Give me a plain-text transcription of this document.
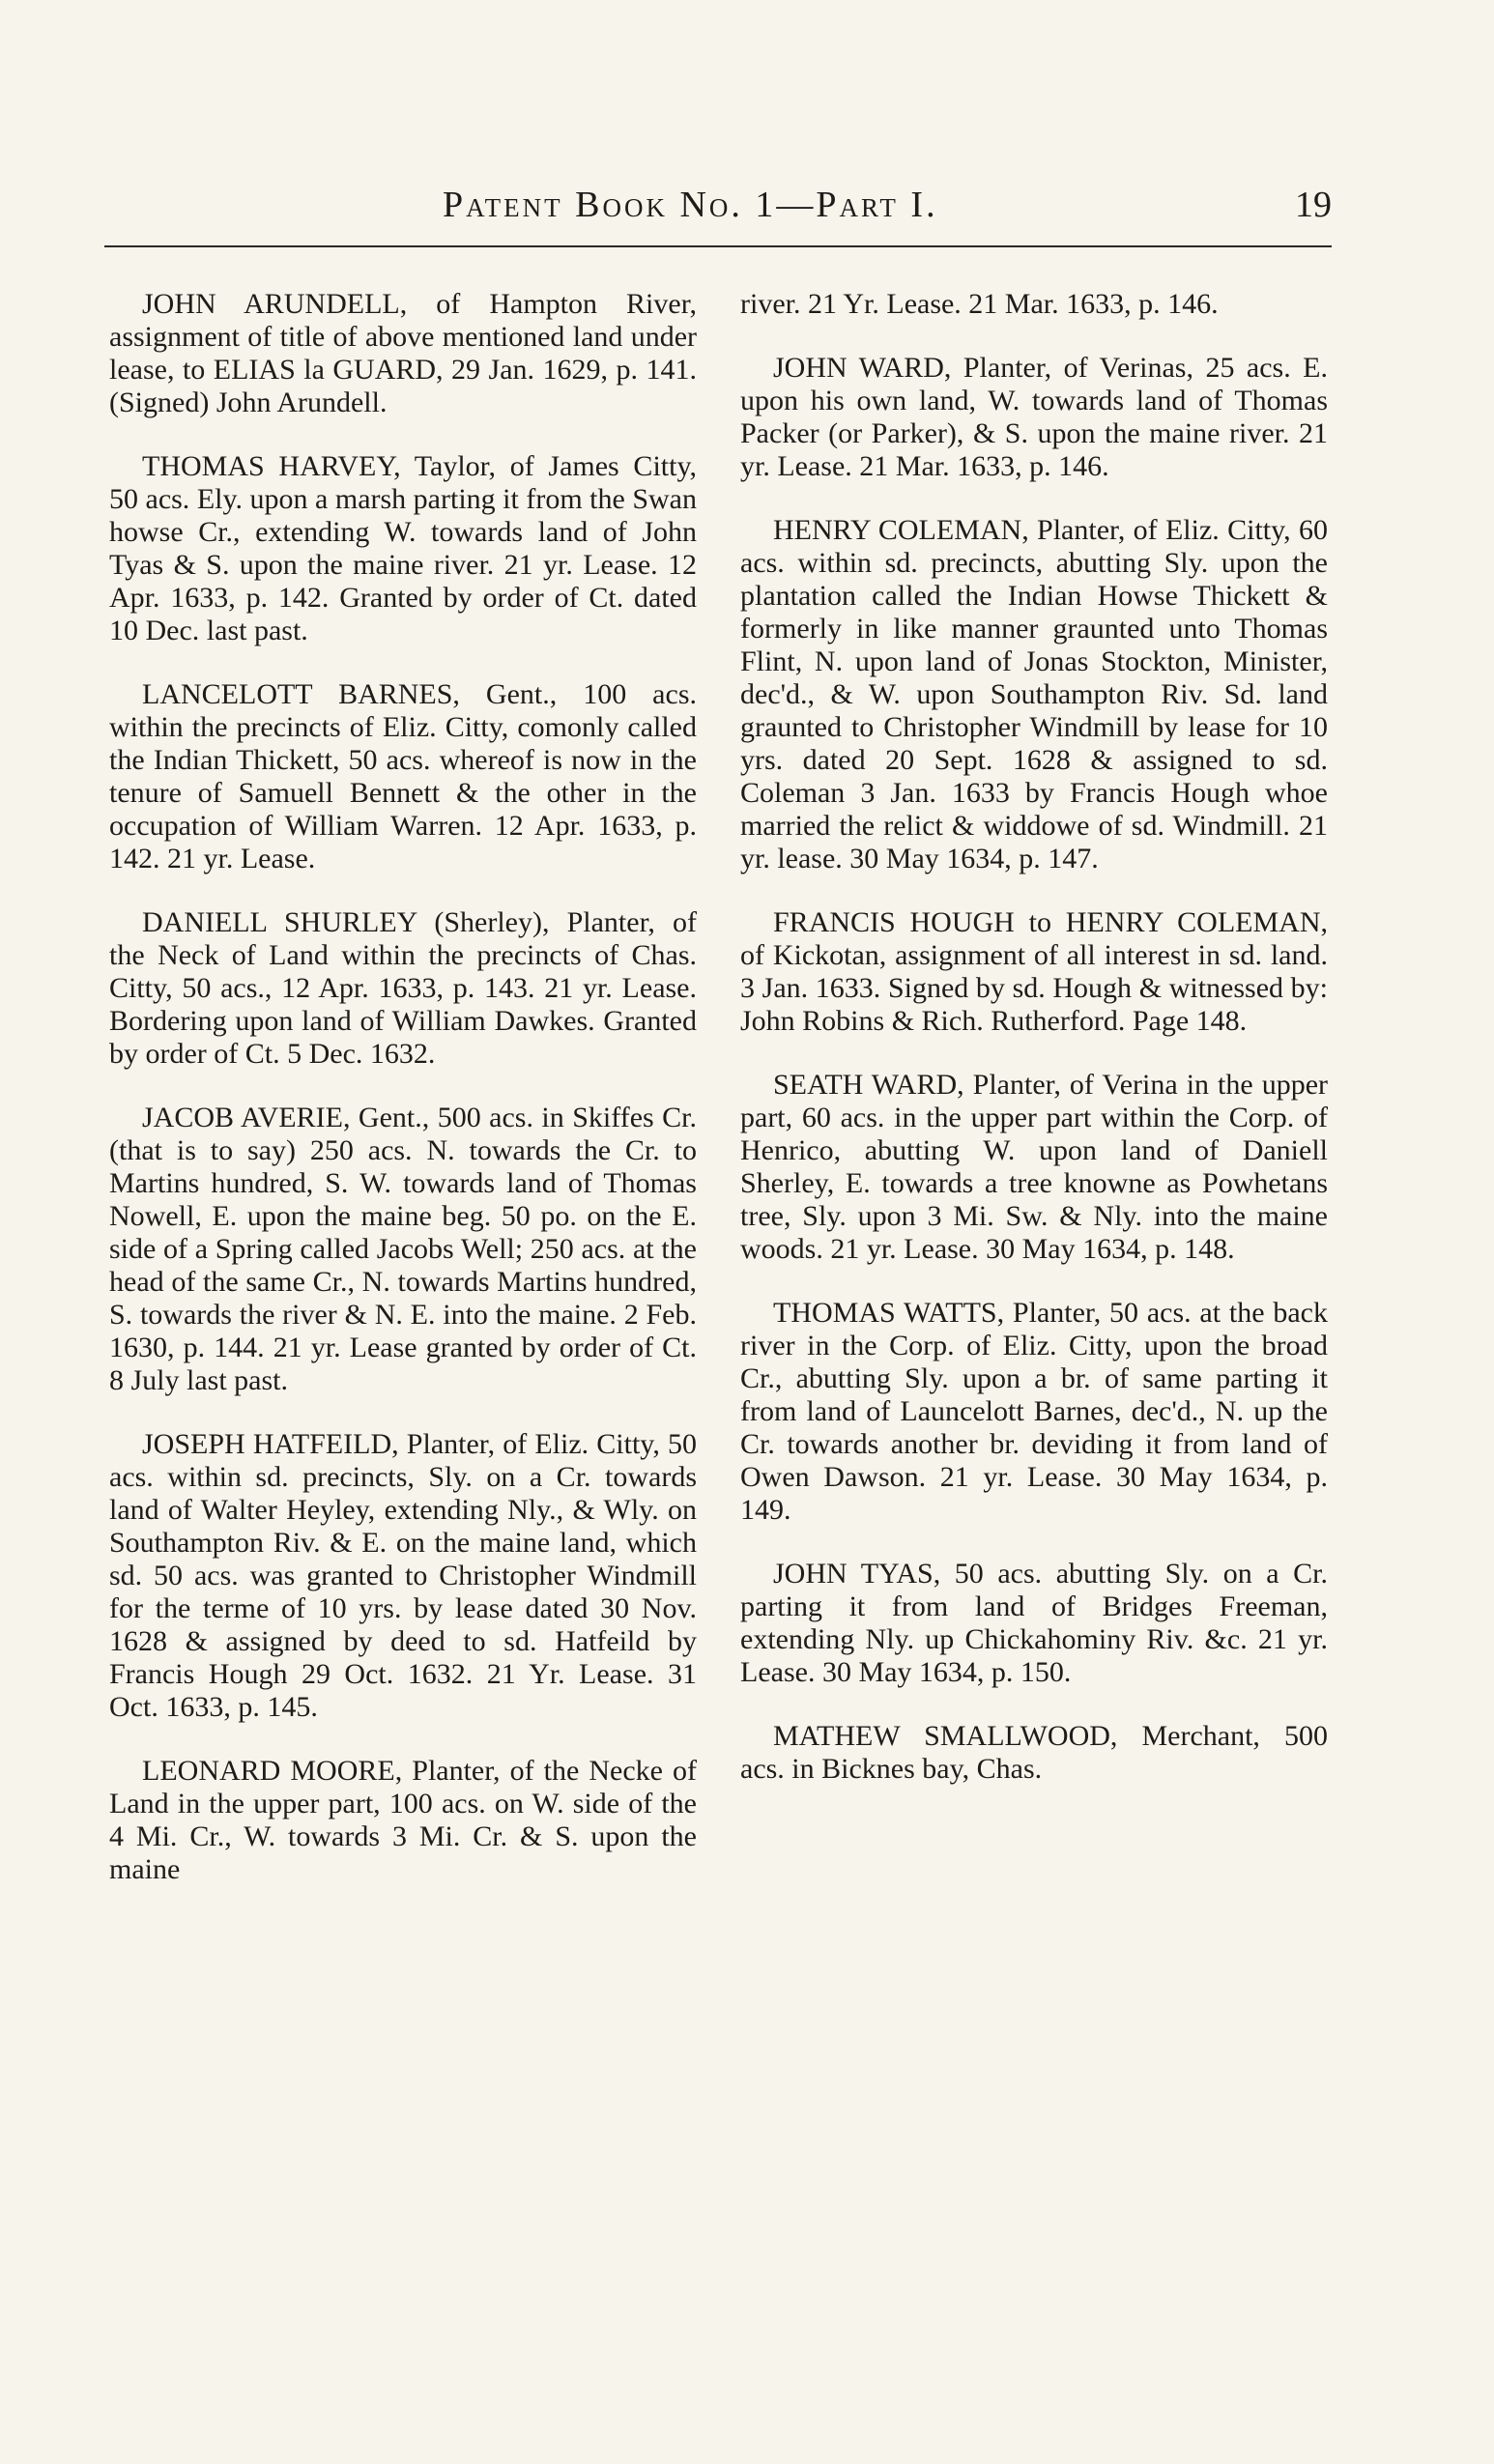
Patent Book No. 1—Part I.	19

JOHN ARUNDELL, of Hampton River, assignment of title of above mentioned land under lease, to ELIAS la GUARD, 29 Jan. 1629, p. 141. (Signed) John Arundell.

THOMAS HARVEY, Taylor, of James Citty, 50 acs. Ely. upon a marsh parting it from the Swan howse Cr., extending W. towards land of John Tyas & S. upon the maine river. 21 yr. Lease. 12 Apr. 1633, p. 142. Granted by order of Ct. dated 10 Dec. last past.

LANCELOTT BARNES, Gent., 100 acs. within the precincts of Eliz. Citty, comonly called the Indian Thickett, 50 acs. whereof is now in the tenure of Samuell Bennett & the other in the occupation of William Warren. 12 Apr. 1633, p. 142. 21 yr. Lease.

DANIELL SHURLEY (Sherley), Planter, of the Neck of Land within the precincts of Chas. Citty, 50 acs., 12 Apr. 1633, p. 143. 21 yr. Lease. Bordering upon land of William Dawkes. Granted by order of Ct. 5 Dec. 1632.

JACOB AVERIE, Gent., 500 acs. in Skiffes Cr. (that is to say) 250 acs. N. towards the Cr. to Martins hundred, S. W. towards land of Thomas Nowell, E. upon the maine beg. 50 po. on the E. side of a Spring called Jacobs Well; 250 acs. at the head of the same Cr., N. towards Martins hundred, S. towards the river & N. E. into the maine. 2 Feb. 1630, p. 144. 21 yr. Lease granted by order of Ct. 8 July last past.

JOSEPH HATFEILD, Planter, of Eliz. Citty, 50 acs. within sd. precincts, Sly. on a Cr. towards land of Walter Heyley, extending Nly., & Wly. on Southampton Riv. & E. on the maine land, which sd. 50 acs. was granted to Christopher Windmill for the terme of 10 yrs. by lease dated 30 Nov. 1628 & assigned by deed to sd. Hatfeild by Francis Hough 29 Oct. 1632. 21 Yr. Lease. 31 Oct. 1633, p. 145.

LEONARD MOORE, Planter, of the Necke of Land in the upper part, 100 acs. on W. side of the 4 Mi. Cr., W. towards 3 Mi. Cr. & S. upon the maine

river. 21 Yr. Lease. 21 Mar. 1633, p. 146.

JOHN WARD, Planter, of Verinas, 25 acs. E. upon his own land, W. towards land of Thomas Packer (or Parker), & S. upon the maine river. 21 yr. Lease. 21 Mar. 1633, p. 146.

HENRY COLEMAN, Planter, of Eliz. Citty, 60 acs. within sd. precincts, abutting Sly. upon the plantation called the Indian Howse Thickett & formerly in like manner graunted unto Thomas Flint, N. upon land of Jonas Stockton, Minister, dec'd., & W. upon Southampton Riv. Sd. land graunted to Christopher Windmill by lease for 10 yrs. dated 20 Sept. 1628 & assigned to sd. Coleman 3 Jan. 1633 by Francis Hough whoe married the relict & widdowe of sd. Windmill. 21 yr. lease. 30 May 1634, p. 147.

FRANCIS HOUGH to HENRY COLEMAN, of Kickotan, assignment of all interest in sd. land. 3 Jan. 1633. Signed by sd. Hough & witnessed by: John Robins & Rich. Rutherford. Page 148.

SEATH WARD, Planter, of Verina in the upper part, 60 acs. in the upper part within the Corp. of Henrico, abutting W. upon land of Daniell Sherley, E. towards a tree knowne as Powhetans tree, Sly. upon 3 Mi. Sw. & Nly. into the maine woods. 21 yr. Lease. 30 May 1634, p. 148.

THOMAS WATTS, Planter, 50 acs. at the back river in the Corp. of Eliz. Citty, upon the broad Cr., abutting Sly. upon a br. of same parting it from land of Launcelott Barnes, dec'd., N. up the Cr. towards another br. deviding it from land of Owen Dawson. 21 yr. Lease. 30 May 1634, p. 149.

JOHN TYAS, 50 acs. abutting Sly. on a Cr. parting it from land of Bridges Freeman, extending Nly. up Chickahominy Riv. &c. 21 yr. Lease. 30 May 1634, p. 150.

MATHEW SMALLWOOD, Merchant, 500 acs. in Bicknes bay, Chas.
